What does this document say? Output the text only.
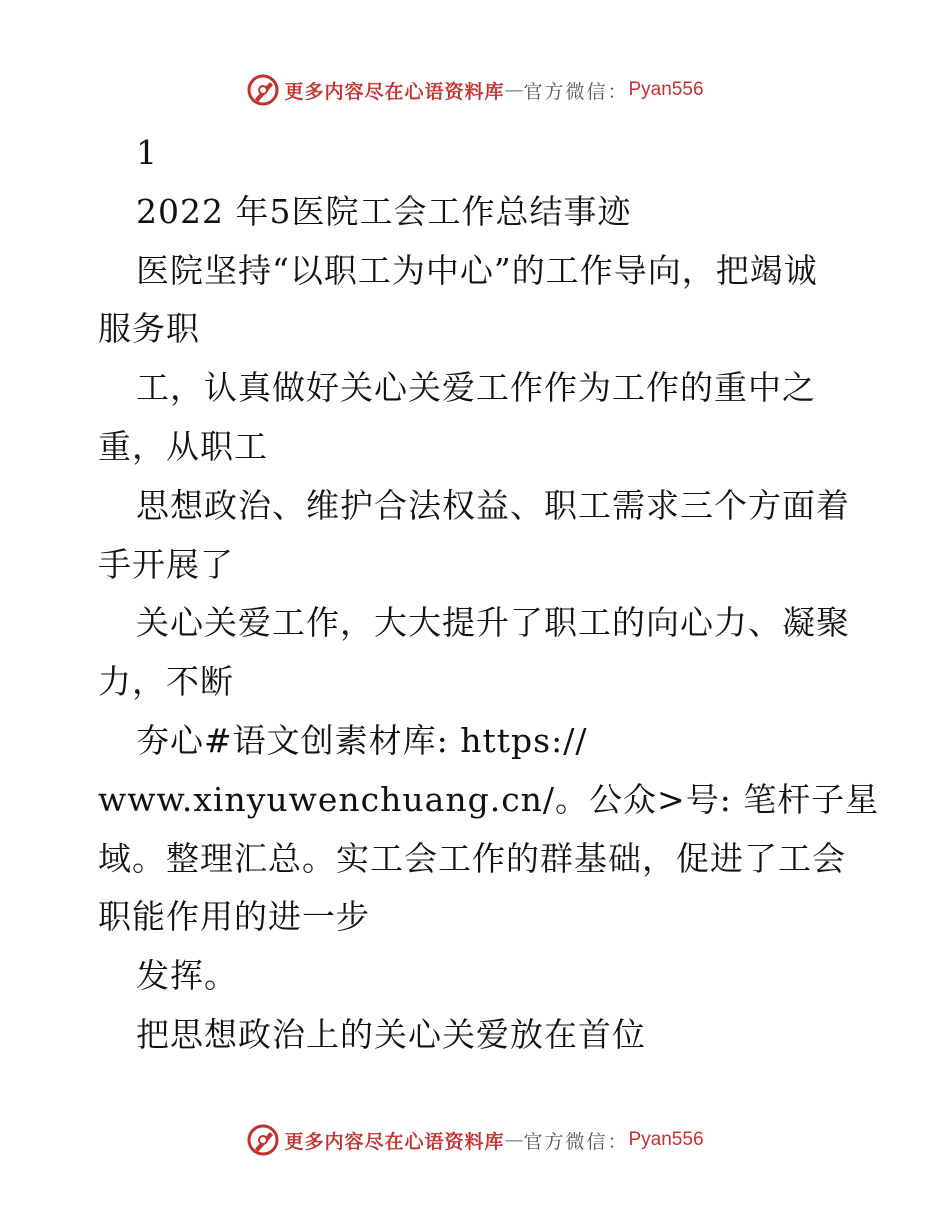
更多内容尽在心语资料库 — 官方微信： Pyan556
1
2022 年5医院工会工作总结事迹
医院坚持“以职工为中心”的工作导向，把竭诚
服务职
工，认真做好关心关爱工作作为工作的重中之
重，从职工
思想政治、维护合法权益、职工需求三个方面着
手开展了
关心关爱工作，大大提升了职工的向心力、凝聚
力，不断
夯心#语文创素材库: https://
www.xinyuwenchuang.cn/。公众>号: 笔杆子星
域。整理汇总。实工会工作的群基础，促进了工会
职能作用的进一步
发挥。
把思想政治上的关心关爱放在首位
更多内容尽在心语资料库 — 官方微信： Pyan556
